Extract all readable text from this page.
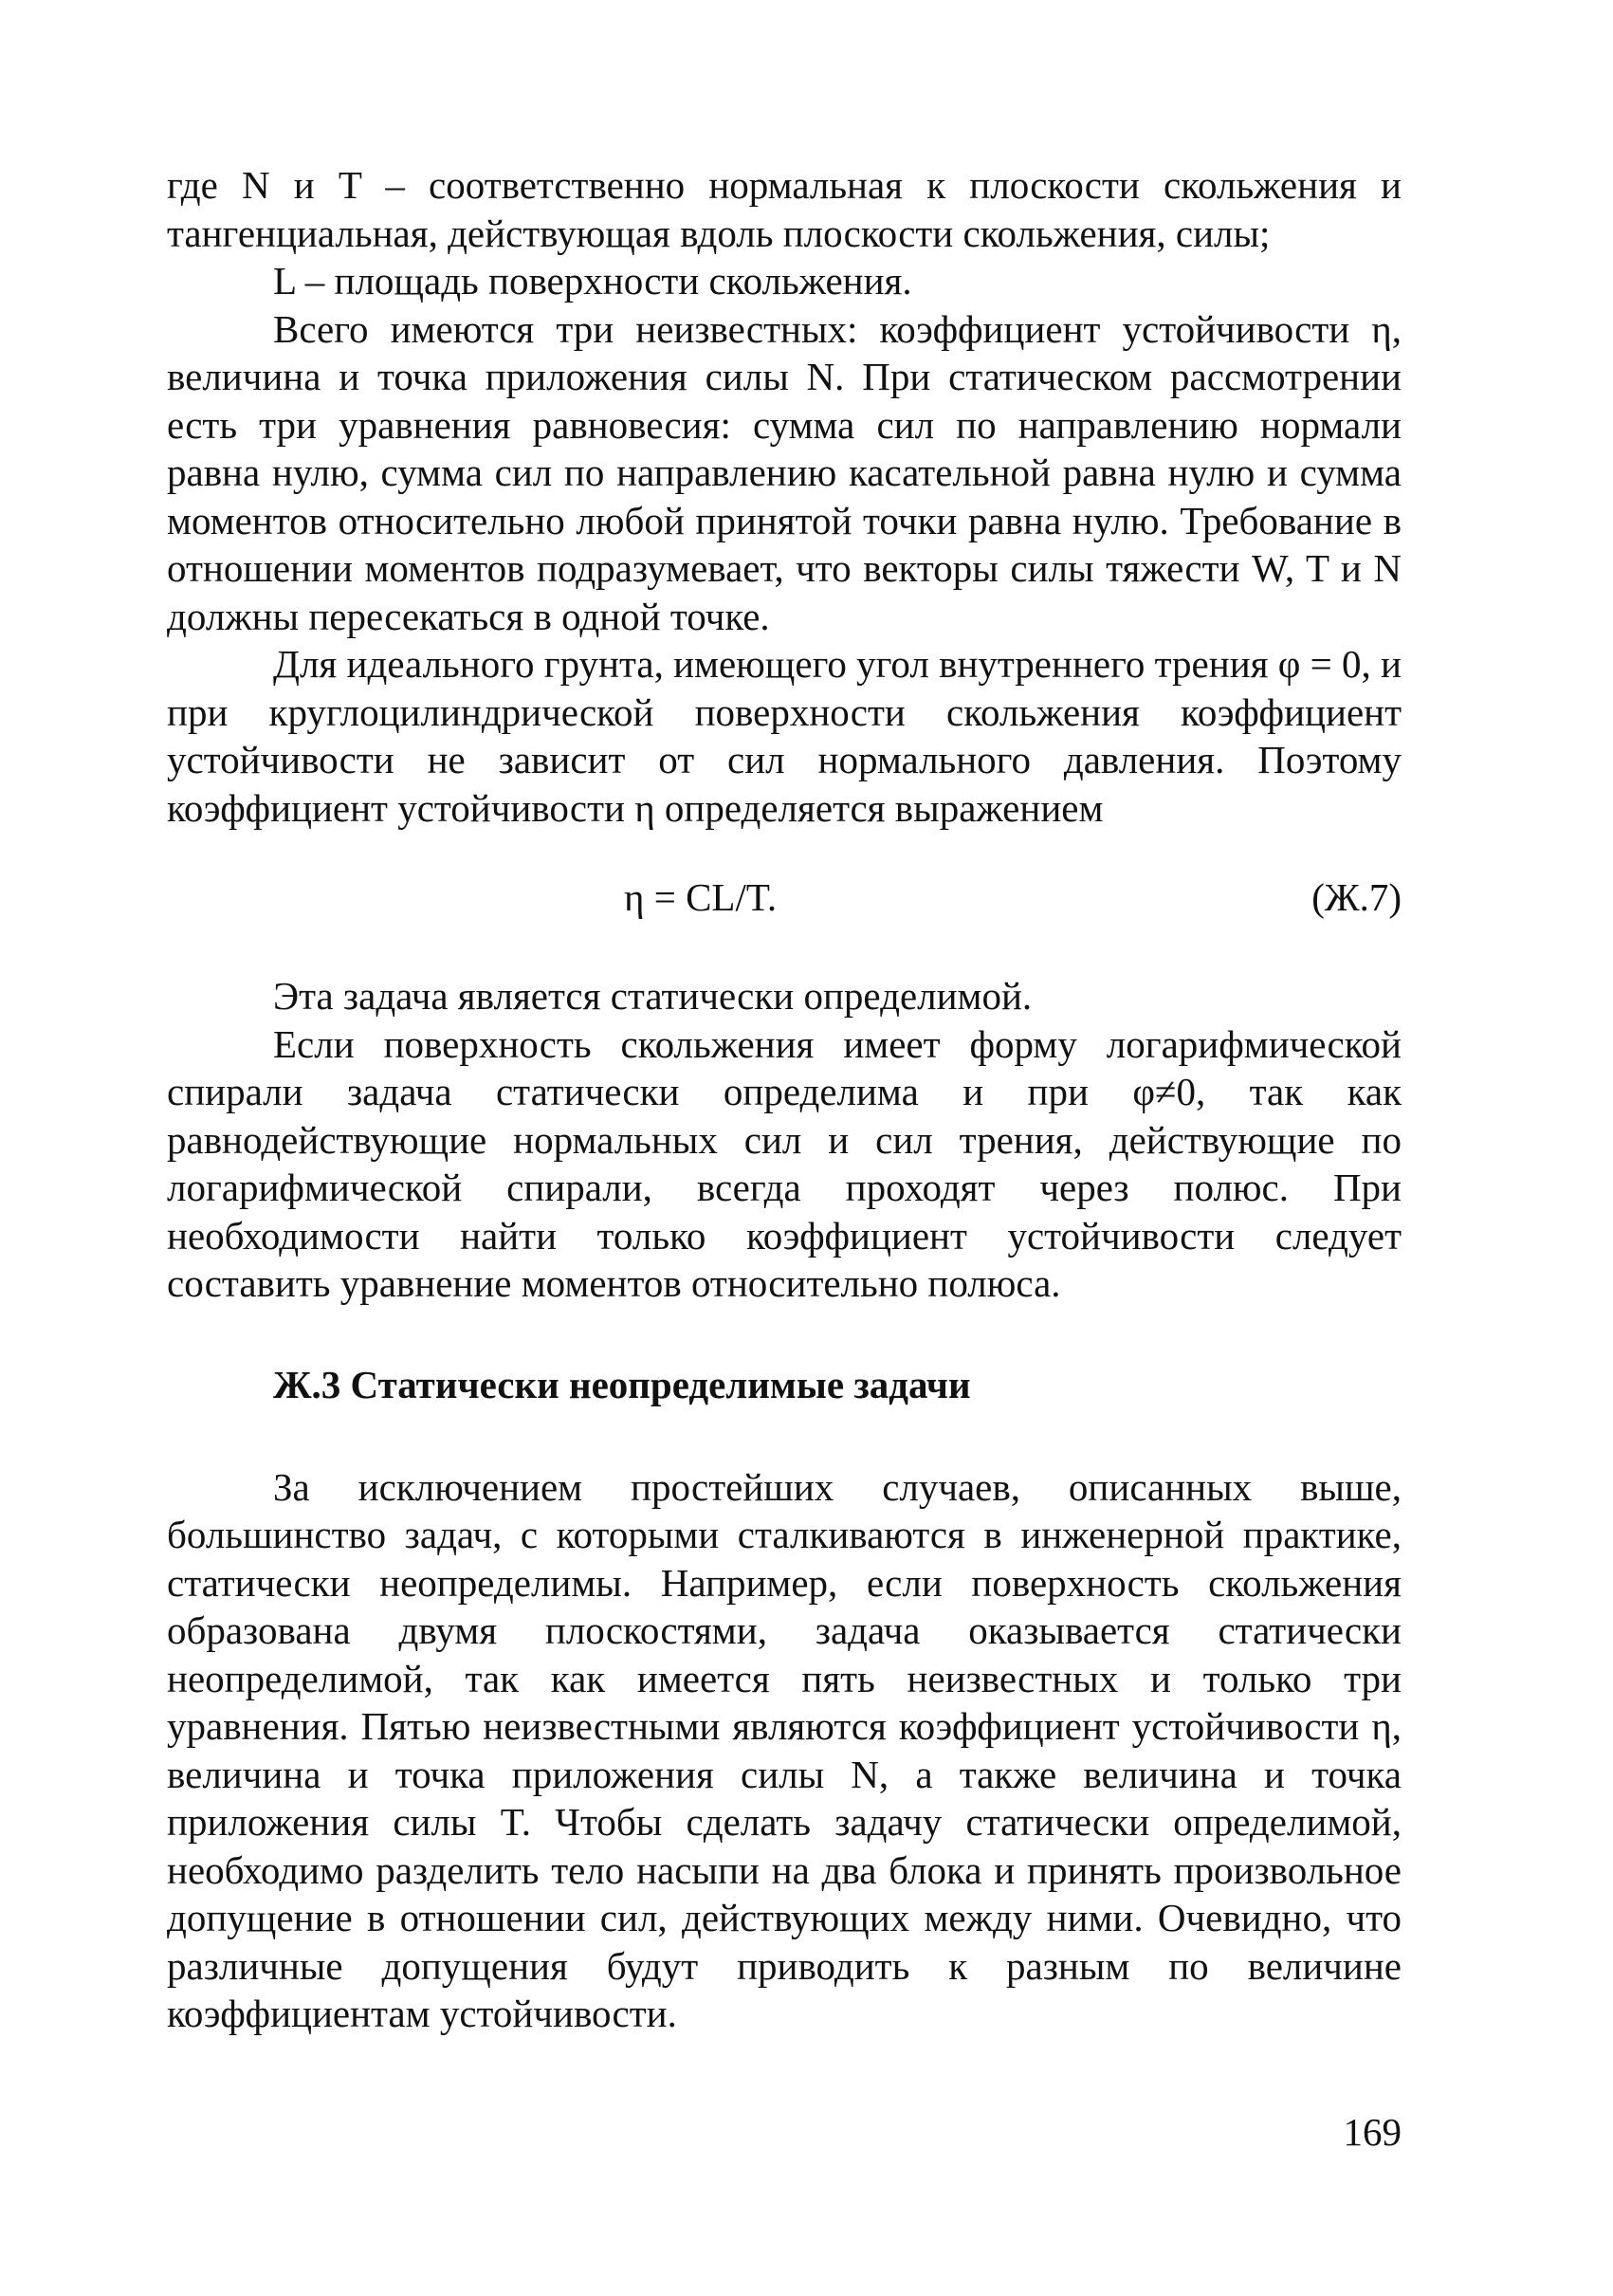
где N и T – соответственно нормальная к плоскости скольжения и тангенциальная, действующая вдоль плоскости скольжения, силы;

L – площадь поверхности скольжения.

Всего имеются три неизвестных: коэффициент устойчивости η, величина и точка приложения силы N. При статическом рассмотрении есть три уравнения равновесия: сумма сил по направлению нормали равна нулю, сумма сил по направлению касательной равна нулю и сумма моментов относительно любой принятой точки равна нулю. Требование в отношении моментов подразумевает, что векторы силы тяжести W, T и N должны пересекаться в одной точке.

Для идеального грунта, имеющего угол внутреннего трения φ = 0, и при круглоцилиндрической поверхности скольжения коэффициент устойчивости не зависит от сил нормального давления. Поэтому коэффициент устойчивости η определяется выражением

η = CL/T.	(Ж.7)

Эта задача является статически определимой.

Если поверхность скольжения имеет форму логарифмической спирали задача статически определима и при φ≠0, так как равнодействующие нормальных сил и сил трения, действующие по логарифмической спирали, всегда проходят через полюс. При необходимости найти только коэффициент устойчивости следует составить уравнение моментов относительно полюса.

Ж.3 Статически неопределимые задачи

За исключением простейших случаев, описанных выше, большинство задач, с которыми сталкиваются в инженерной практике, статически неопределимы. Например, если поверхность скольжения образована двумя плоскостями, задача оказывается статически неопределимой, так как имеется пять неизвестных и только три уравнения. Пятью неизвестными являются коэффициент устойчивости η, величина и точка приложения силы N, а также величина и точка приложения силы T. Чтобы сделать задачу статически определимой, необходимо разделить тело насыпи на два блока и принять произвольное допущение в отношении сил, действующих между ними. Очевидно, что различные допущения будут приводить к разным по величине коэффициентам устойчивости.

169
